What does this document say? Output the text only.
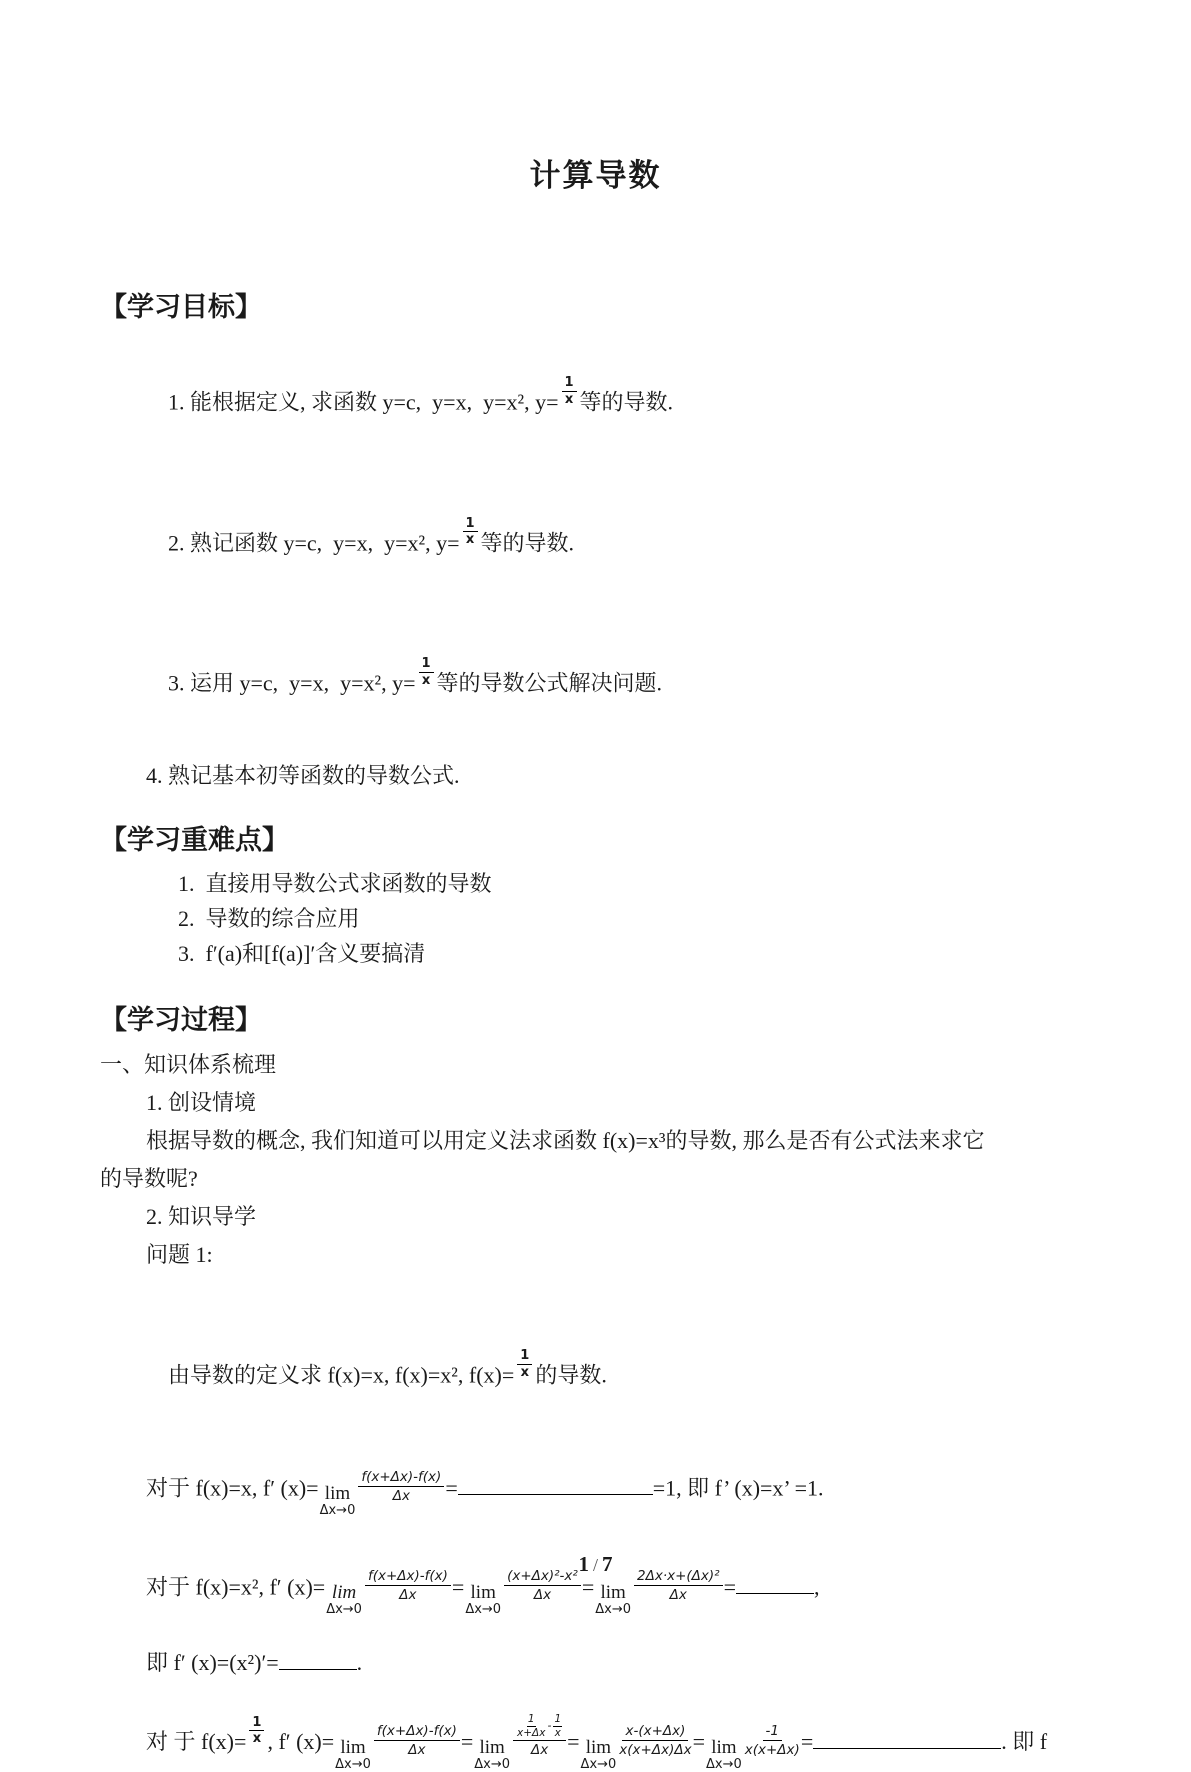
计算导数
【学习目标】

1. 能根据定义, 求函数 y=c,  y=x,  y=x², $y= \frac{1}{x}$ 等的导数.

2. 熟记函数 y=c,  y=x,  y=x², $y= \frac{1}{x}$ 等的导数.

3. 运用 y=c,  y=x,  y=x², $y= \frac{1}{x}$ 等的导数公式解决问题.

4. 熟记基本初等函数的导数公式.
【学习重难点】
1.  直接用导数公式求函数的导数
2.  导数的综合应用
3.  f′(a)和[f(a)]′含义要搞清
【学习过程】
一、知识体系梳理
1. 创设情境
根据导数的概念, 我们知道可以用定义法求函数 f(x)=x³的导数, 那么是否有公式法来求它
的导数呢?
2. 知识导学
问题 1:

由导数的定义求 f(x)=x, f(x)=x², $f(x)= \frac{1}{x}$ 的导数.

对于 f(x)=x, f′ (x)= lim
Δx→0
$\frac{f(x+\Delta x)-f(x)}{\Delta x}$ =	=1, 即 f’ (x)=x’ =1.
对于 f(x)=x², f′ (x)= lim
Δx→0
$\frac{f(x+\Delta x)-f(x)}{\Delta x} = \lim$
Δx→0
$\frac{\text{(x+Δx)²-x²}}{\Delta x} = \lim$
Δx→0
$\frac{\text{2Δx·x+(Δx)²}}{\Delta x}$ =	,
即 f′ (x)=(x²)′=	.
对 于 $f(x)= \frac{1}{x}$ , f′ (x)= lim
Δx→0
$\frac{f(x+\Delta x)-f(x)}{\Delta x} = \lim$
Δx→0
$\frac{\frac{1}{x+\Delta x} - \frac{1}{x}}{\Delta x} = \lim$
Δx→0
$\frac{x-(x+\Delta x)}{x(x+\Delta x)\Delta x} = \lim$
Δx→0
$\frac{-1}{x(x+\Delta x)}$ =	. 即 f
1 / 7
